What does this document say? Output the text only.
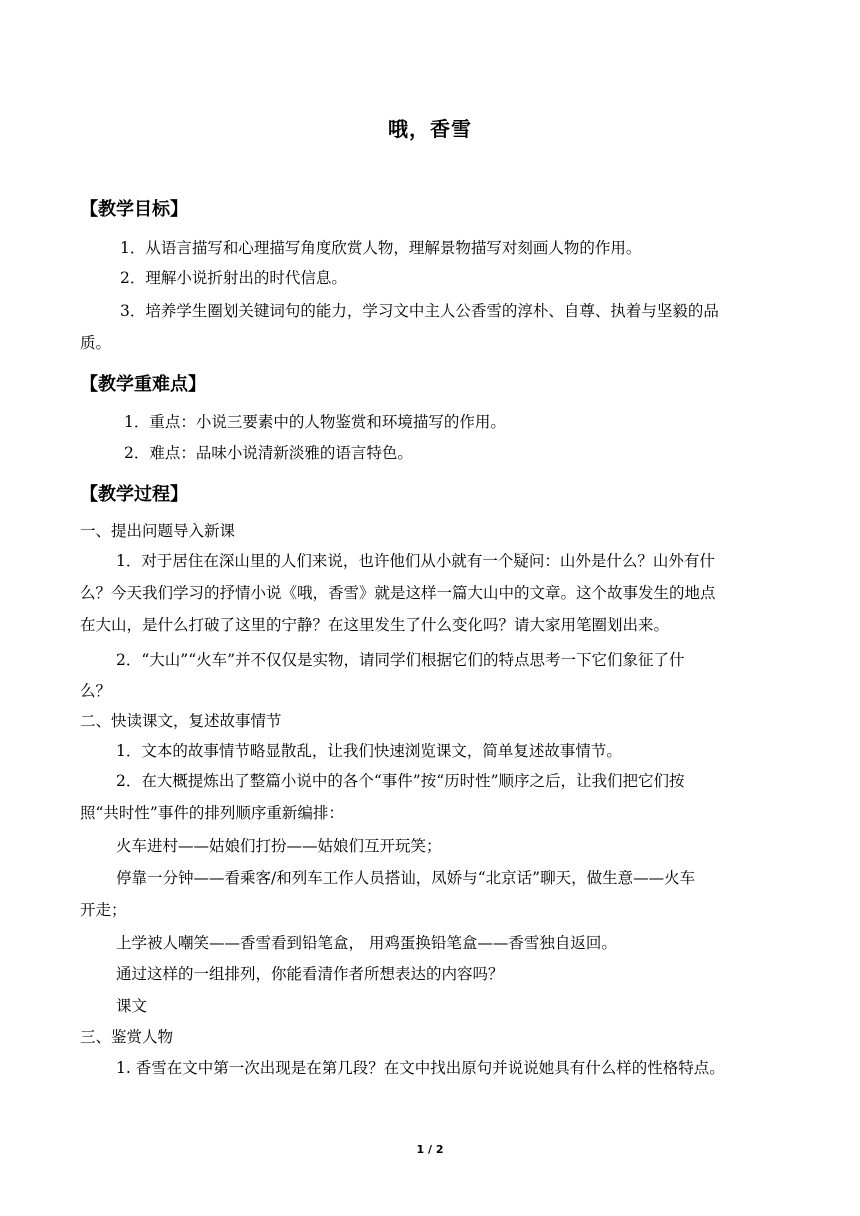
哦，香雪
【教学目标】
1．从语言描写和心理描写角度欣赏人物，理解景物描写对刻画人物的作用。
2．理解小说折射出的时代信息。
3．培养学生圈划关键词句的能力，学习文中主人公香雪的淳朴、自尊、执着与坚毅的品
质。
【教学重难点】
1．重点：小说三要素中的人物鉴赏和环境描写的作用。
2．难点：品味小说清新淡雅的语言特色。
【教学过程】
一、提出问题导入新课
1．对于居住在深山里的人们来说，也许他们从小就有一个疑问：山外是什么？山外有什
么？今天我们学习的抒情小说《哦，香雪》就是这样一篇大山中的文章。这个故事发生的地点
在大山，是什么打破了这里的宁静？在这里发生了什么变化吗？请大家用笔圈划出来。
2．“大山”“火车”并不仅仅是实物，请同学们根据它们的特点思考一下它们象征了什
么？
二、快读课文，复述故事情节
1．文本的故事情节略显散乱，让我们快速浏览课文，简单复述故事情节。
2．在大概提炼出了整篇小说中的各个“事件”按“历时性”顺序之后，让我们把它们按
照“共时性”事件的排列顺序重新编排：
火车进村——姑娘们打扮——姑娘们互开玩笑；
停靠一分钟——看乘客/和列车工作人员搭讪，凤娇与“北京话”聊天，做生意——火车
开走；
上学被人嘲笑——香雪看到铅笔盒， 用鸡蛋换铅笔盒——香雪独自返回。
通过这样的一组排列，你能看清作者所想表达的内容吗？
课文
三、鉴赏人物
1. 香雪在文中第一次出现是在第几段？在文中找出原句并说说她具有什么样的性格特点。
1 / 2
